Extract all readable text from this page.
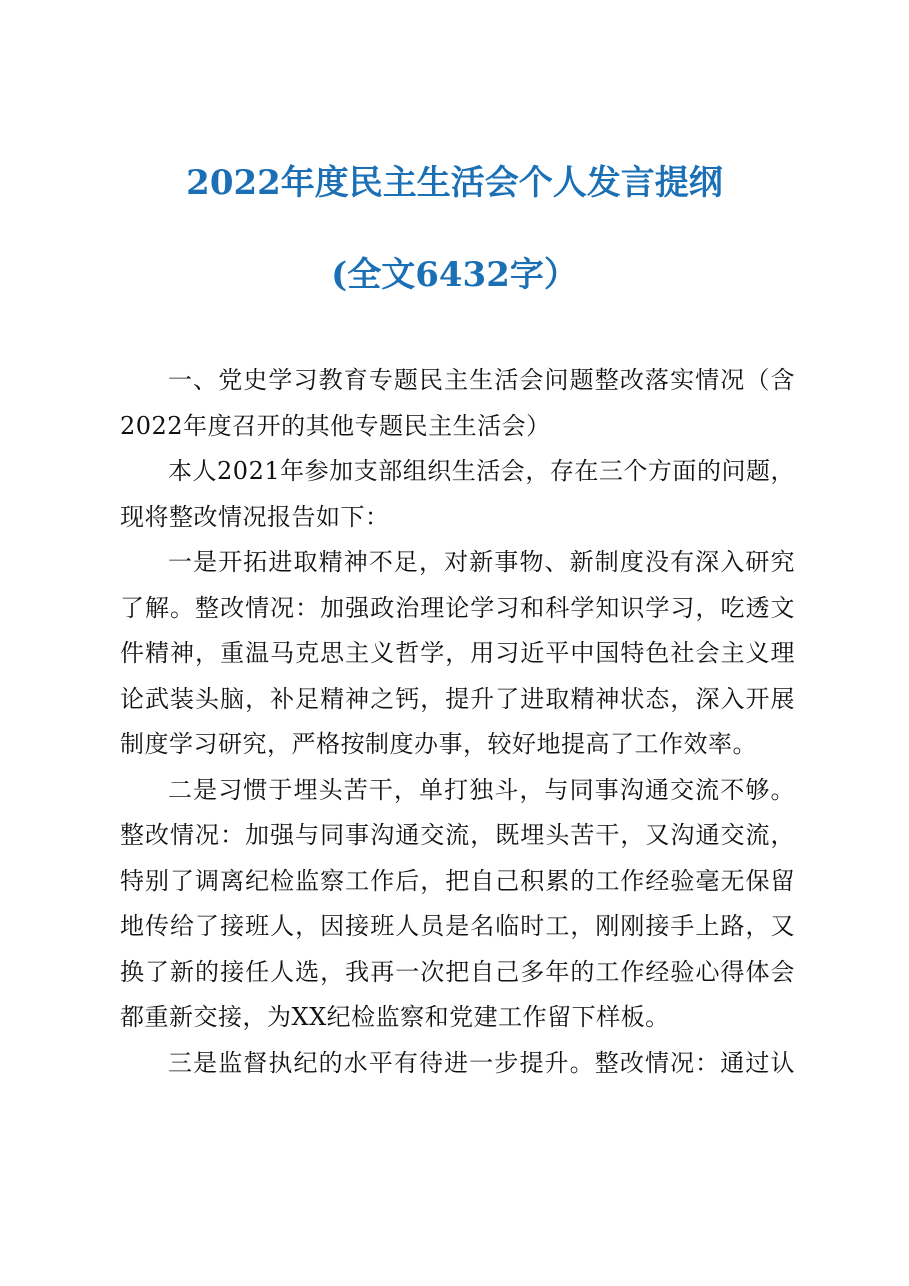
2022年度民主生活会个人发言提纲
(全文6432字）

一、党史学习教育专题民主生活会问题整改落实情况（含2022年度召开的其他专题民主生活会）

本人2021年参加支部组织生活会，存在三个方面的问题，现将整改情况报告如下：

一是开拓进取精神不足，对新事物、新制度没有深入研究了解。整改情况：加强政治理论学习和科学知识学习，吃透文件精神，重温马克思主义哲学，用习近平中国特色社会主义理论武装头脑，补足精神之钙，提升了进取精神状态，深入开展制度学习研究，严格按制度办事，较好地提高了工作效率。

二是习惯于埋头苦干，单打独斗，与同事沟通交流不够。整改情况：加强与同事沟通交流，既埋头苦干，又沟通交流，特别了调离纪检监察工作后，把自己积累的工作经验毫无保留地传给了接班人，因接班人员是名临时工，刚刚接手上路，又换了新的接任人选，我再一次把自己多年的工作经验心得体会都重新交接，为XX纪检监察和党建工作留下样板。

三是监督执纪的水平有待进一步提升。整改情况：通过认
